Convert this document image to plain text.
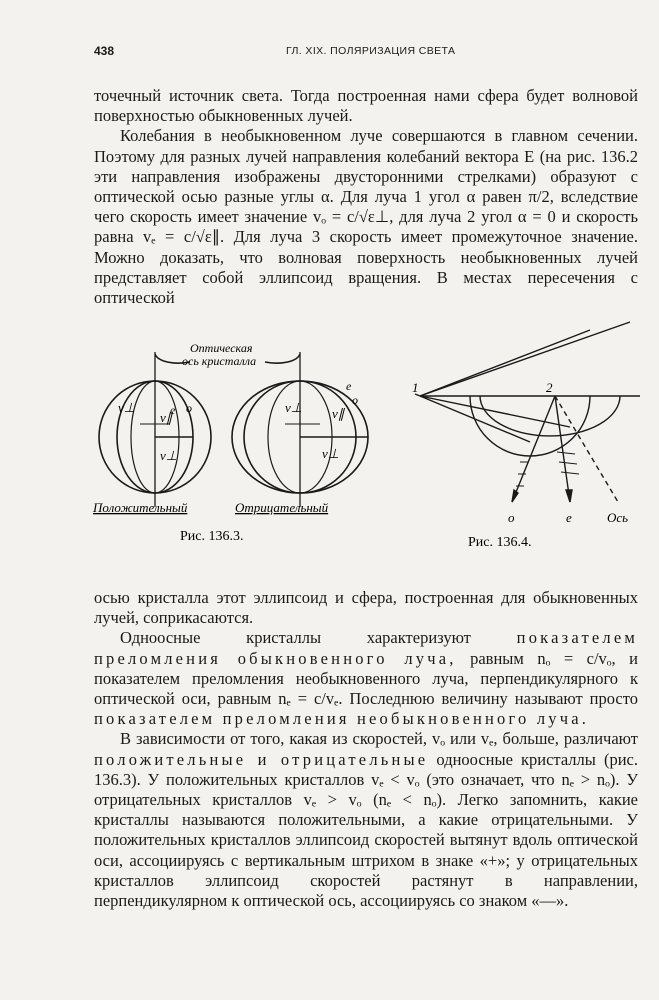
438	ГЛ. XIX. ПОЛЯРИЗАЦИЯ СВЕТА

точечный источник света. Тогда построенная нами сфера будет волновой поверхностью обыкновенных лучей.

Колебания в необыкновенном луче совершаются в главном сечении. Поэтому для разных лучей направления колебаний вектора E (на рис. 136.2 эти направления изображены двусторонними стрелками) образуют с оптической осью разные углы α. Для луча 1 угол α равен π/2, вследствие чего скорость имеет значение vₒ = c/√ε⊥, для луча 2 угол α = 0 и скорость равна vₑ = c/√ε∥. Для луча 3 скорость имеет промежуточное значение. Можно доказать, что волновая поверхность необыкновенных лучей представляет собой эллипсоид вращения. В местах пересечения с оптической

Оптическая
ось кристалла
v⊥
v∥
v⊥
e o	v⊥ v∥
v⊥
o
e
Положительный	Отрицательный
Рис. 136.3.
1	2
o	e	Ось
Рис. 136.4.

осью кристалла этот эллипсоид и сфера, построенная для обыкновенных лучей, соприкасаются.

Одноосные кристаллы характеризуют показателем преломления обыкновенного луча, равным nₒ = c/vₒ, и показателем преломления необыкновенного луча, перпендикулярного к оптической оси, равным nₑ = c/vₑ. Последнюю величину называют просто показателем преломления необыкновенного луча.

В зависимости от того, какая из скоростей, vₒ или vₑ, больше, различают положительные и отрицательные одноосные кристаллы (рис. 136.3). У положительных кристаллов vₑ < vₒ (это означает, что nₑ > nₒ). У отрицательных кристаллов vₑ > vₒ (nₑ < nₒ). Легко запомнить, какие кристаллы называются положительными, а какие отрицательными. У положительных кристаллов эллипсоид скоростей вытянут вдоль оптической оси, ассоциируясь с вертикальным штрихом в знаке «+»; у отрицательных кристаллов эллипсоид скоростей растянут в направлении, перпендикулярном к оптической ось, ассоциируясь со знаком «—».
